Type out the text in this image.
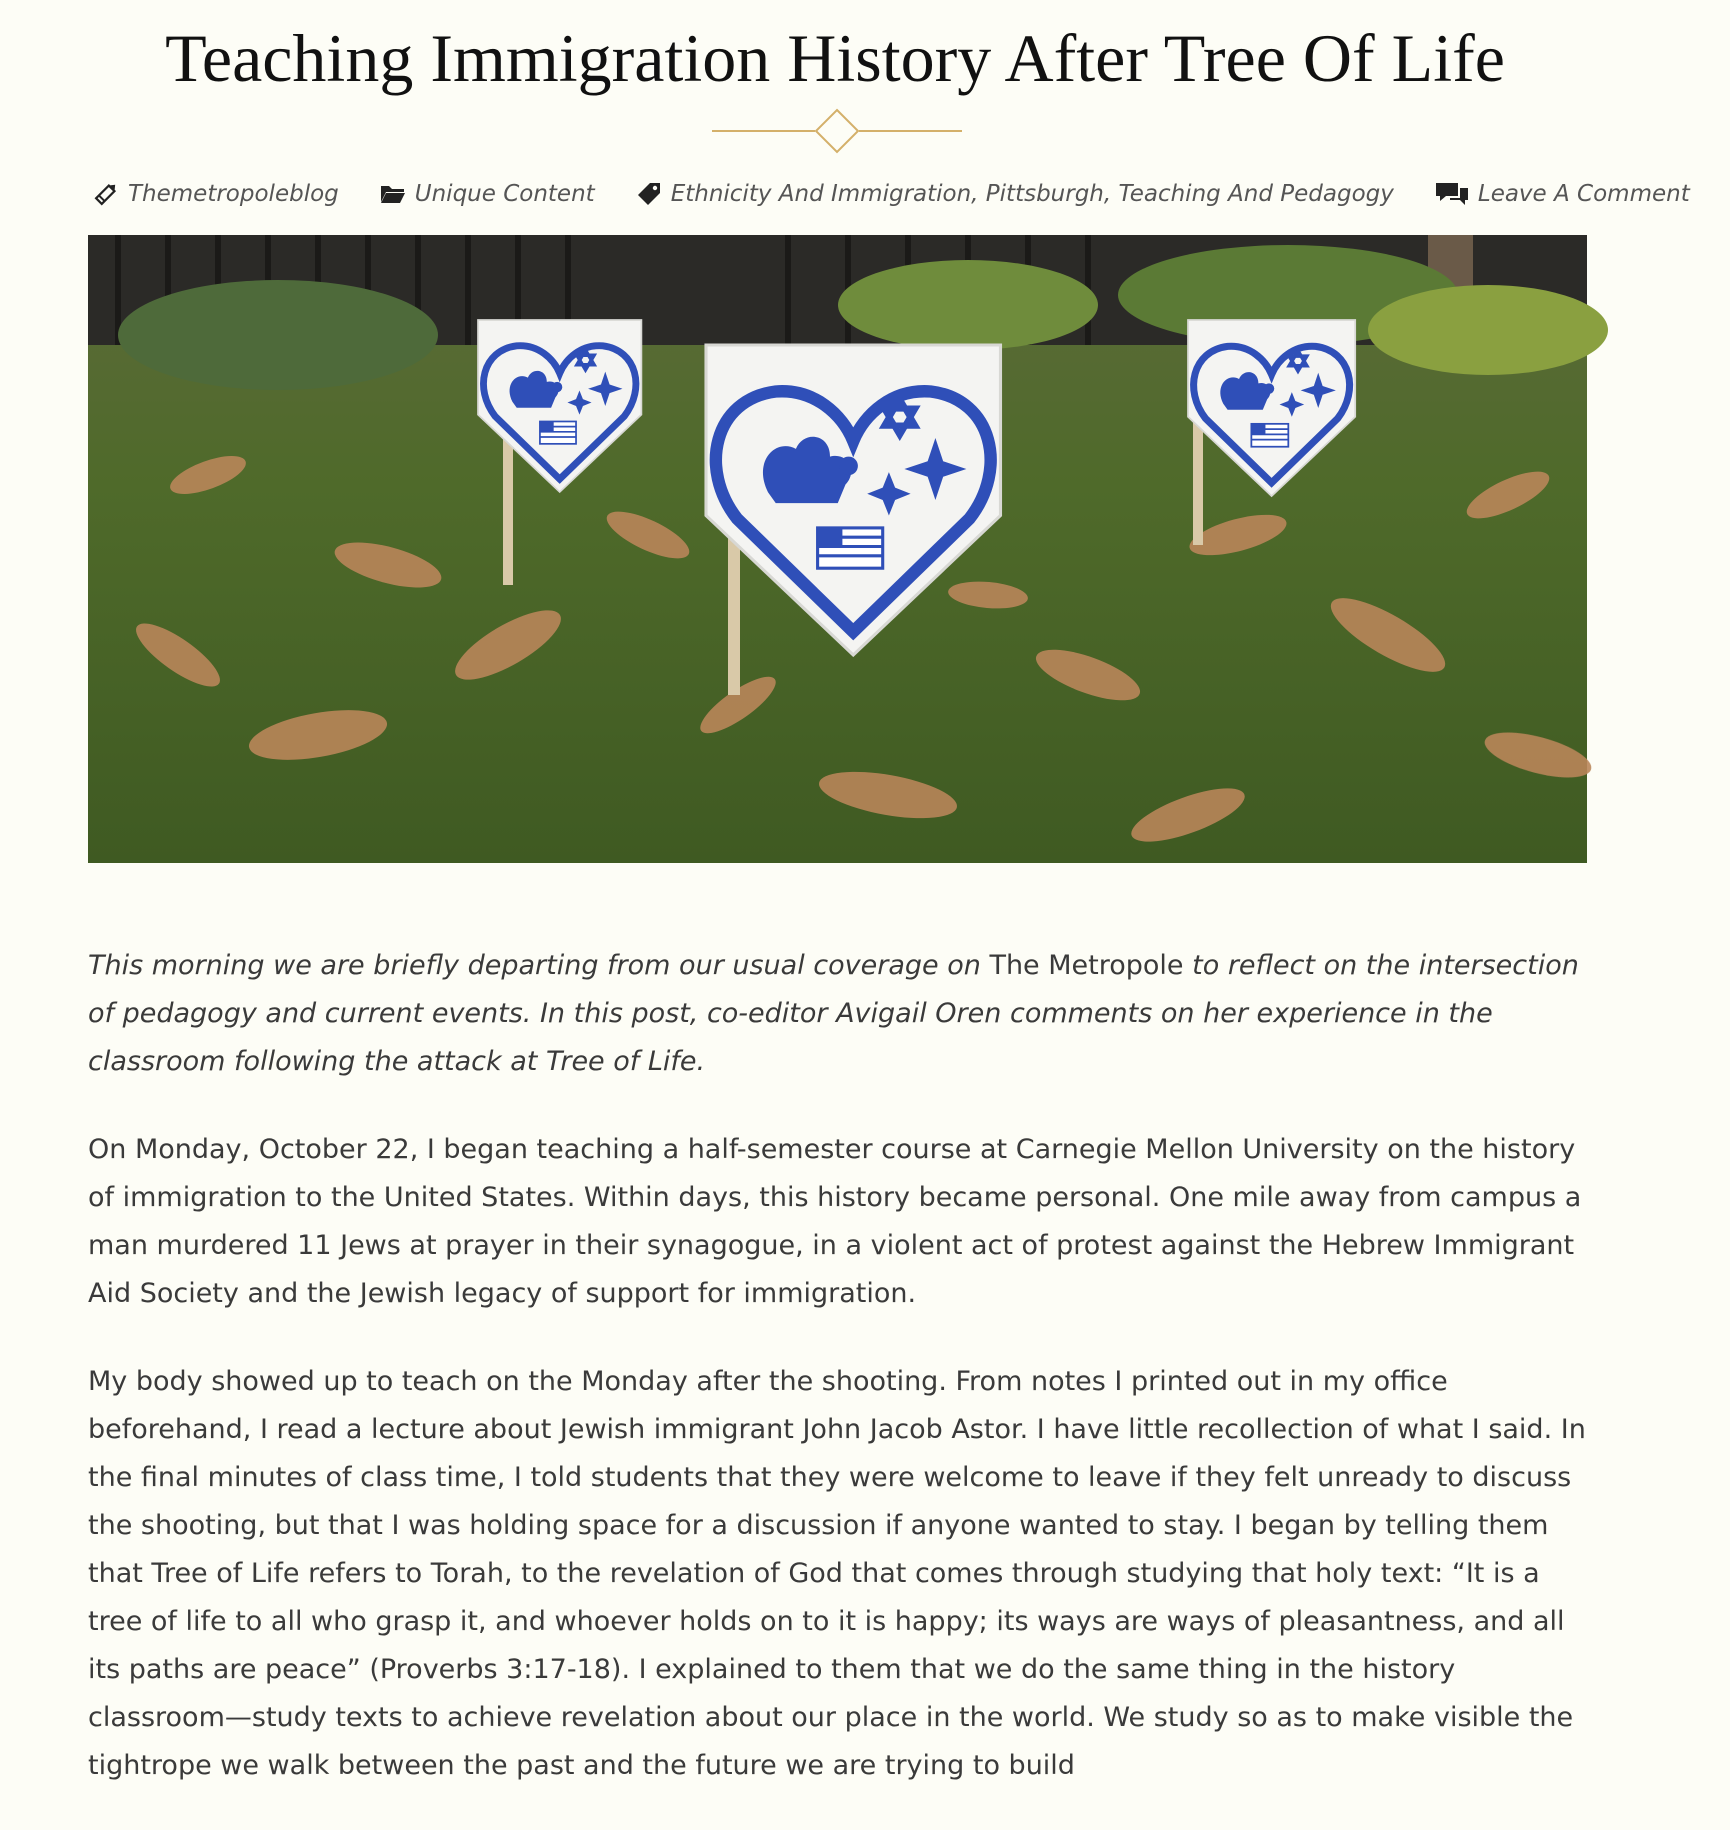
Teaching Immigration History After Tree Of Life
Themetropoleblog	Unique Content	Ethnicity And Immigration, Pittsburgh, Teaching And Pedagogy	Leave A Comment

This morning we are briefly departing from our usual coverage on The Metropole to reflect on the intersection of pedagogy and current events. In this post, co-editor Avigail Oren comments on her experience in the classroom following the attack at Tree of Life.

On Monday, October 22, I began teaching a half-semester course at Carnegie Mellon University on the history of immigration to the United States. Within days, this history became personal. One mile away from campus a man murdered 11 Jews at prayer in their synagogue, in a violent act of protest against the Hebrew Immigrant Aid Society and the Jewish legacy of support for immigration.

My body showed up to teach on the Monday after the shooting. From notes I printed out in my office beforehand, I read a lecture about Jewish immigrant John Jacob Astor. I have little recollection of what I said. In the final minutes of class time, I told students that they were welcome to leave if they felt unready to discuss the shooting, but that I was holding space for a discussion if anyone wanted to stay. I began by telling them that Tree of Life refers to Torah, to the revelation of God that comes through studying that holy text: “It is a tree of life to all who grasp it, and whoever holds on to it is happy; its ways are ways of pleasantness, and all its paths are peace” (Proverbs 3:17-18). I explained to them that we do the same thing in the history classroom—study texts to achieve revelation about our place in the world. We study so as to make visible the tightrope we walk between the past and the future we are trying to build
